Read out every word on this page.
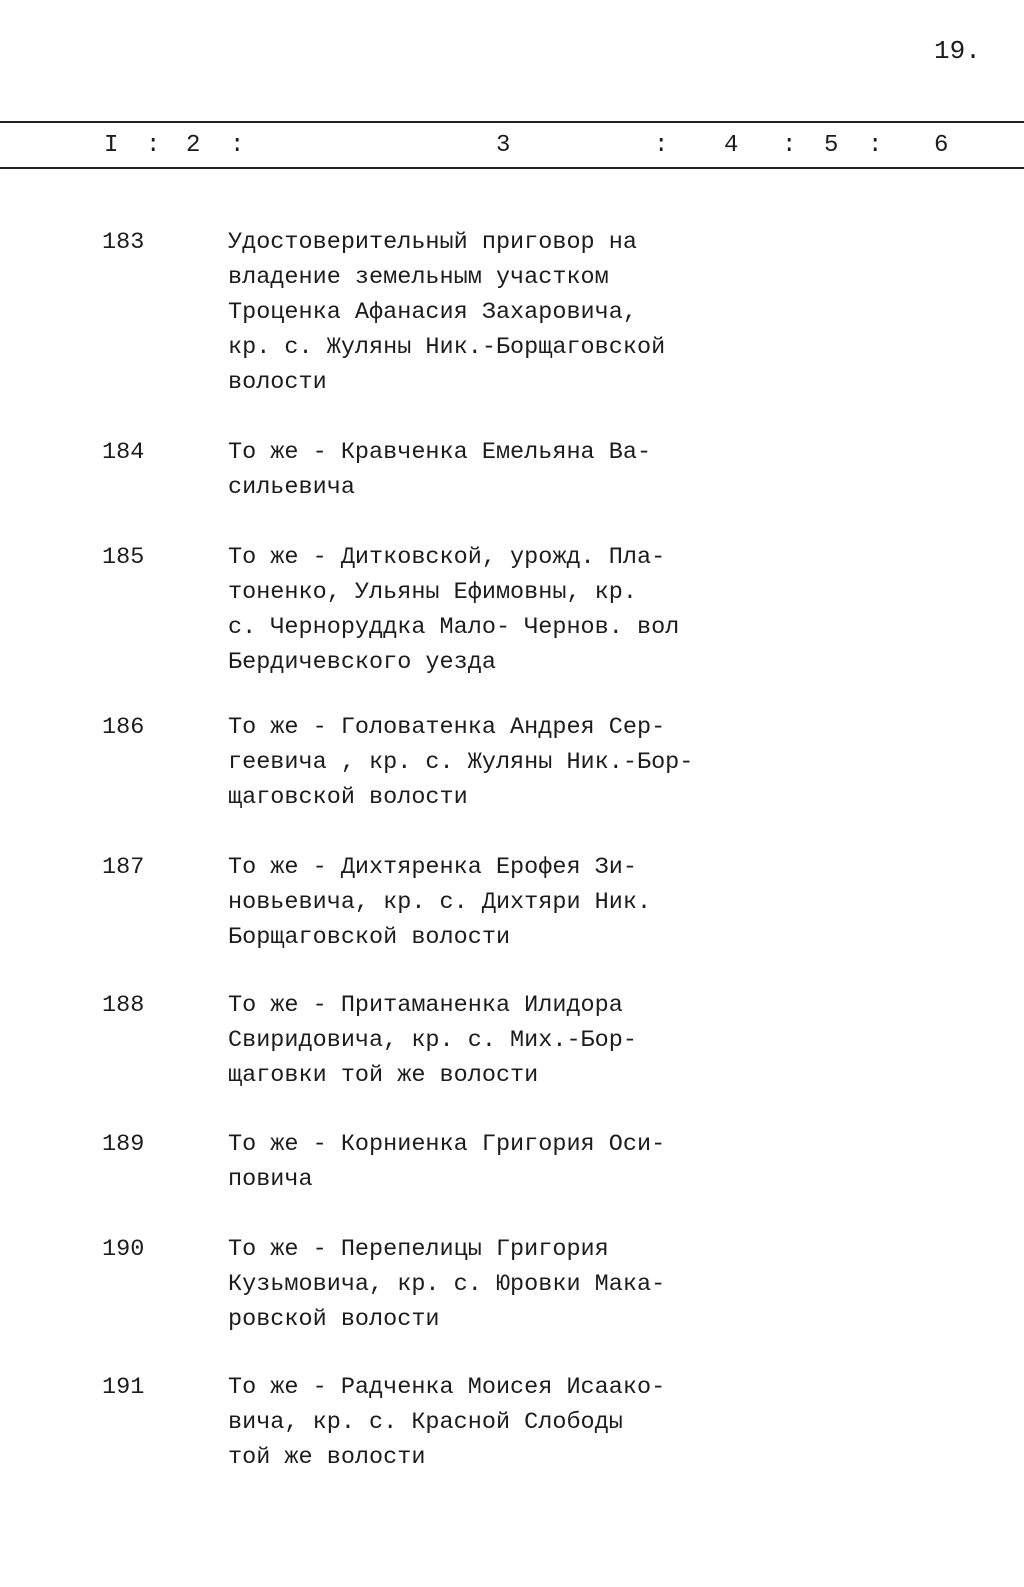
19.
I : 2 :	3	: 4 : 5 : 6
183	Удостоверительный приговор на
владение земельным участком
Троценка Афанасия Захаровича,
кр. с. Жуляны Ник.-Борщаговской
волости
184	То же - Кравченка Емельяна Ва-
сильевича
185	То же - Дитковской, урожд. Пла-
тоненко, Ульяны Ефимовны, кр.
с. Черноруддка Мало- Чернов. вол
Бердичевского уезда
186	То же - Головатенка Андрея Сер-
геевича , кр. с. Жуляны Ник.-Бор-
щаговской волости
187	То же - Дихтяренка Ерофея Зи-
новьевича, кр. с. Дихтяри Ник.
Борщаговской волости
188	То же - Притаманенка Илидора
Свиридовича, кр. с. Мих.-Бор-
щаговки той же волости
189	То же - Корниенка Григория Оси-
повича
190	То же - Перепелицы Григория
Кузьмовича, кр. с. Юровки Мака-
ровской волости
191	То же - Радченка Моисея Исаако-
вича, кр. с. Красной Слободы
той же волости
